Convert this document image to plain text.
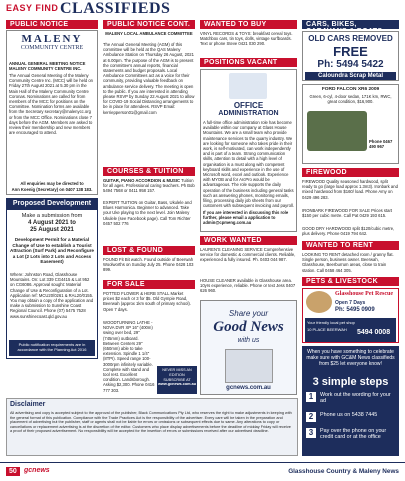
EASY FIND CLASSIFIEDS
PUBLIC NOTICE
MALENY
COMMUNITY CENTRE
ANNUAL GENERAL MEETING NOTICE MALENY COMMUNITY CENTRE INC.
The Annual General Meeting of the Maleny Community Centre Inc. (MCC) will be held on Friday 27th August 2021 at 5.30 pm in the Main Hall of the Maleny Community Centre Coronas. Nominations are called for from members of the MCC for positions on the Committee. Nomination forms are available from the Secretary secretary@malenycc.org or from the MCC Office. Nominations close 7 days before the AGM. Members are asked to review their membership and new members are encouraged to attend.
All enquiries may be directed to
Ann Koenig (Secretary) on 0407 138 183.
Proposed Development
Make a submission from
4 August 2021 to
25 August 2021
Development Permit for a Material Change of Use to establish a Tourist Attraction (Surf Park) and Reconfigure a Lot (2 Lots into 2 Lots and Access Easement)
Where: Johnston Road, Glasshouse Mountains. On: Lot 339 CG4415 & Lot 952 on CG6086. Approval sought: Material Change of Use & Reconfiguration of a Lot. Application ref: MCU20/0261 & RAL20/0155. You may obtain a copy of the application and make a submission to Sunshine Coast Regional Council. Phone (07) 5475 7528 www.sunshinecoast.qld.gov.au
Public notification requirements are in accordance with the Planning Act 2016
PUBLIC NOTICE CONT.
MALENY LOCAL AMBULANCE COMMITTEE
The Annual General Meeting (AGM) of this committee will be held at the QAS Maleny Ambulance Station on Thursday 26 August, 2021 at 6.00pm. The purpose of the AGM is to present the committee's annual reports, financial statements and budget proposals. Local Ambulance Committees act as a voice for their community, providing valuable feedback on ambulance service delivery. The meeting is open to the public. If you are interested in attending please RSVP by Sunday 22 August 2021 to allow for COVID-19 Social Distancing arrangements to be in place for attendees. RSVP Email: kerriepperson01@gmail.com
COURSES & TUITION
GUITAR, PIANO ACCORDION & MUSIC Tuition for all ages. Professional caring teachers. Ph Bob 5494 7568 or 0411 958 157.
EXPERT TUITION on Guitar, Bass, Ukulele and Blues Harmonica. Beginner to advanced. Take your Uke playing to the next level. Join Maleny Ukulele (see Facebook page). Call Tom Richter 0457 502 776
LOST & FOUND
FOUND Fit Bit watch. Found outside of Beerwah Woolworths on Sunday July 25. Phone 0428 103 899.
FOR SALE
POTTED FLOWER & HERB STALL Market prices $2 each or 3 for $5. Old Gympie Road, Beerwah (approx 1km south of primary school). Open 7 days.
WOODTURNING LATHE - NOVA DVR XP 16" (400m) swing over bed, 29" (745mm) outboard. Between Centers 29" (650mm) able to take extension. Spindle 1 1/4" (8TPI). Speed range 100-3000rpm infinitely variable. Complete with stand and tool rest. Excellent condition. Landsborough. Asking $2,300. Phone 0416 777 303.
NEVER MISS AN EDITION SUBSCRIBE AT
www.gcnews.com.au
WANTED TO BUY
VINYL RECORDS & TOYS: breakfast cereal toys. Matchbox cars, tin toys, dolls, vintage surfboards. Text or phone Steve 0421 030 290.
POSITIONS VACANT
OFFICE
ADMINISTRATION
A full-time office administration role has become available within our company at Glass House Mountains. We are a small team who provide maintenance services to the quarry industry. We are looking for someone who takes pride in their work, is self-motivated, can work independently and is part of a team. Strong communication skills, attention to detail with a high level of organisation is a must along with competent keyboard skills and experience in the use of Microsoft word, excel and outlook. Experience with MYOB and for ArcPro would be advantageous. The role supports the daily operation of the business including general tasks such as answering phones, monitoring emails, filing, processing daily job sheets from our customers with subsequent invoicing and payroll.
If you are interested in discussing this role further, please email a application to admin@cpmeng.com.au
WORK WANTED
LAUREN'S CLEANING SERVICE Comprehensive service for domestic & commercial clients. Reliable, experienced & fully insured. Ph. 0403 044 987.
HOUSE CLEANER available in Glasshouse area. 10yrs experience, reliable. Phone or text Jess 0407 626 960.
Share your
Good News
with us
gcnews.com.au
CARS, BIKES, CARAVANS & BOATS
OLD CARS REMOVED
FREE
Ph: 5494 5422
Caloundra Scrap Metal
FORD FALCON XR6 2009
Green, 6-cyl, 4-door sedan, 171K km, RWC, great condition, $16,900.
Phone 0467 490 967
FIREWOOD
FIREWOOD Quality seasoned hardwood, split ready to go (large load approx 1.3m3). Ironbark and mixed hardwood from $160/ load. Phone Amy on 0429 496 283.
IRONBARK FIREWOOD FOR SALE Prices start $150 per cubic metre. Call Pat 0429 193 615.
GOOD DRY HARDWOOD split $120/cubic metre, plus delivery. Phone 0419 794 642.
WANTED TO RENT
LOOKING TO RENT detached room / granny flat. Single person, business owner. Beerwah, Glasshouse, Beerburrum areas, close to train station. Call 0458 464 305.
PETS & LIVESTOCK
Glasshouse Pet Rescue
Open 7 Days
Ph: 5495 0909
Your friendly local pet shop
10 PLACE BEERWAH	5494 0008
When you have something to celebrate make sure with GC&M News classifieds from $25 let everyone know!
3 simple steps
1	Work out the wording for your ad
2	Phone us on 5438 7445
3	Pay over the phone on your credit card or at the office
Disclaimer
All advertising and copy is accepted subject to the approval of the publisher, Black Communications Pty Ltd, who reserves the right to make adjustments in keeping with the general format of this publication. Compliance with the Trade Practices Act is the responsibility of the advertiser. Every care will be taken in the preparation and placement of advertising but the publisher, staff or agents shall not be liable for errors or omissions or subsequent effects due to same. Any alterations to copy or cancellations or replacement advertising is at the discretion of the editor. Customers who place display advertisements before the deadline of midday Friday will receive a proof of their proposed advertisement. No responsibility will be accepted for the insertion of errors or submissions received after our advertised deadline.
50	gcnews	Glasshouse Country & Maleny News
